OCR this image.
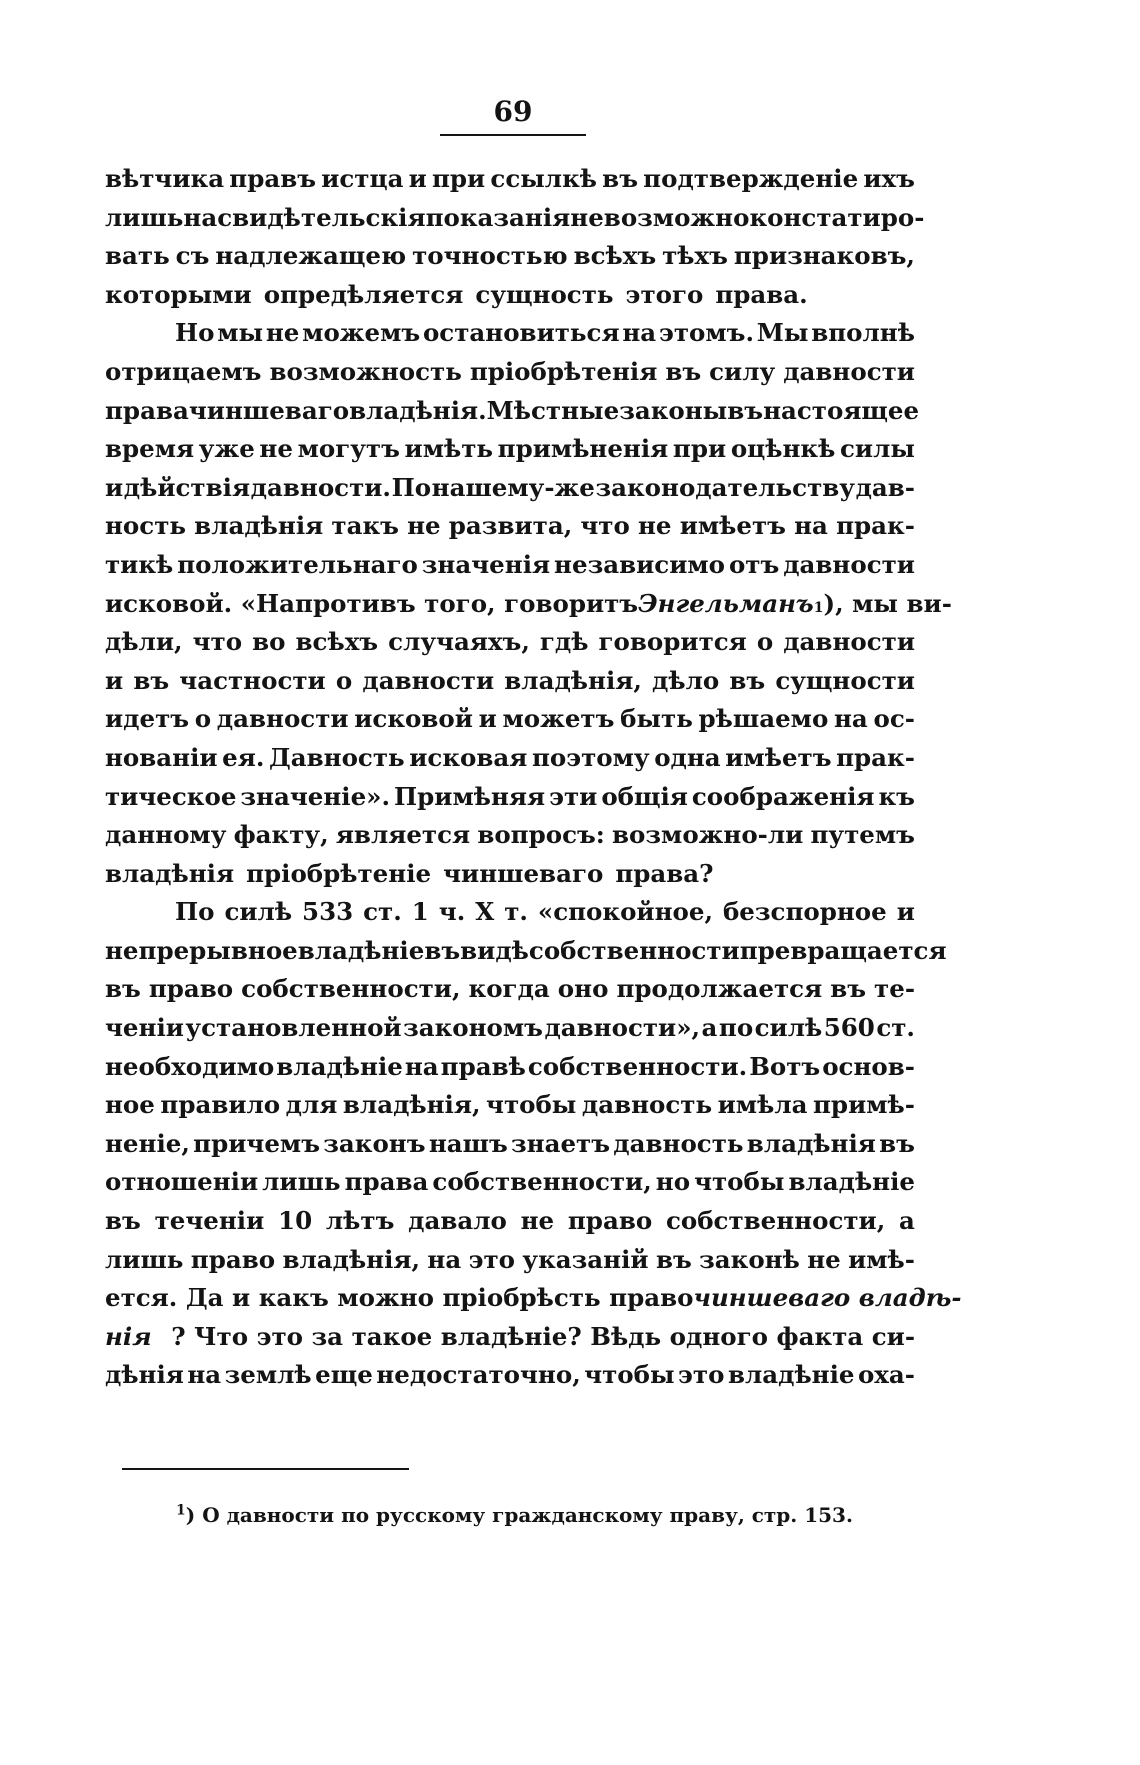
69
вѣтчика правъ истца и при ссылкѣ въ подтвержденіе ихъ
лишь на свидѣтельскія показанія невозможно констатиро-
вать съ надлежащею точностью всѣхъ тѣхъ признаковъ,
которыми опредѣляется сущность этого права.
Но мы не можемъ остановиться на этомъ. Мы вполнѣ
отрицаемъ возможность пріобрѣтенія въ силу давности
права чиншеваго владѣнія. Мѣстные законы въ настоящее
время уже не могутъ имѣть примѣненія при оцѣнкѣ силы
и дѣйствія давности. По нашему-же законодательству дав-
ность владѣнія такъ не развита, что не имѣетъ на прак-
тикѣ положительнаго значенія независимо отъ давности
исковой. «Напротивъ того, говоритъ Энгельманъ 1 ), мы ви-
дѣли, что во всѣхъ случаяхъ, гдѣ говорится о давности
и въ частности о давности владѣнія, дѣло въ сущности
идетъ о давности исковой и можетъ быть рѣшаемо на ос-
нованіи ея. Давность исковая поэтому одна имѣетъ прак-
тическое значеніе». Примѣняя эти общія соображенія къ
данному факту, является вопросъ: возможно-ли путемъ
владѣнія пріобрѣтеніе чиншеваго права?
По силѣ 533 ст. 1 ч. X т. «спокойное, безспорное и
непрерывное владѣніе въ видѣ собственности превращается
въ право собственности, когда оно продолжается въ те-
ченіи установленной закономъ давности», а по силѣ 560 ст.
необходимо владѣніе на правѣ собственности. Вотъ основ-
ное правило для владѣнія, чтобы давность имѣла примѣ-
неніе, причемъ законъ нашъ знаетъ давность владѣнія въ
отношеніи лишь права собственности, но чтобы владѣніе
въ теченіи 10 лѣтъ давало не право собственности, а
лишь право владѣнія, на это указаній въ законѣ не имѣ-
ется. Да и какъ можно пріобрѣсть право чиншеваго владѣ-
нія ? Что это за такое владѣніе? Вѣдь одного факта си-
дѣнія на землѣ еще недостаточно, чтобы это владѣніе оха-
$^1$) О давности по русскому гражданскому праву, стр. 153.
